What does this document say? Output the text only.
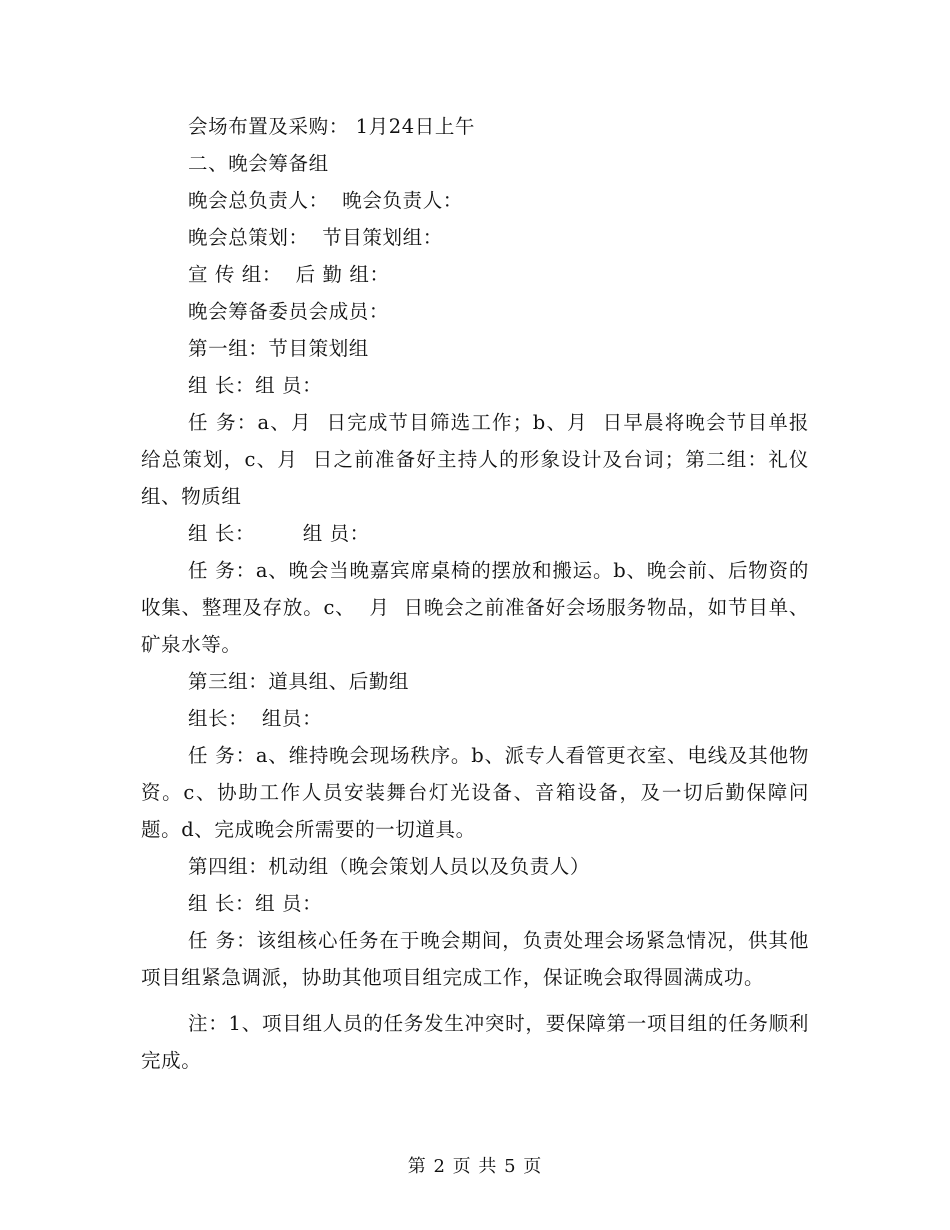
会场布置及采购： 1月24日上午

二、晚会筹备组

晚会总负责人：  晚会负责人：

晚会总策划：  节目策划组：

宣 传 组：  后 勤 组：

晚会筹备委员会成员：

第一组：节目策划组

组 长：组 员：

任 务：a、月  日完成节目筛选工作；b、月  日早晨将晚会节目单报给总策划，c、月  日之前准备好主持人的形象设计及台词；第二组：礼仪组、物质组

组 长：       组 员：

任 务：a、晚会当晚嘉宾席桌椅的摆放和搬运。b、晚会前、后物资的收集、整理及存放。c、  月  日晚会之前准备好会场服务物品，如节目单、矿泉水等。

第三组：道具组、后勤组

组长：  组员：

任 务：a、维持晚会现场秩序。b、派专人看管更衣室、电线及其他物资。c、协助工作人员安装舞台灯光设备、音箱设备，及一切后勤保障问题。d、完成晚会所需要的一切道具。

第四组：机动组（晚会策划人员以及负责人）

组 长：组 员：

任 务：该组核心任务在于晚会期间，负责处理会场紧急情况，供其他项目组紧急调派，协助其他项目组完成工作，保证晚会取得圆满成功。

注：1、项目组人员的任务发生冲突时，要保障第一项目组的任务顺利完成。

第 2 页 共 5 页
